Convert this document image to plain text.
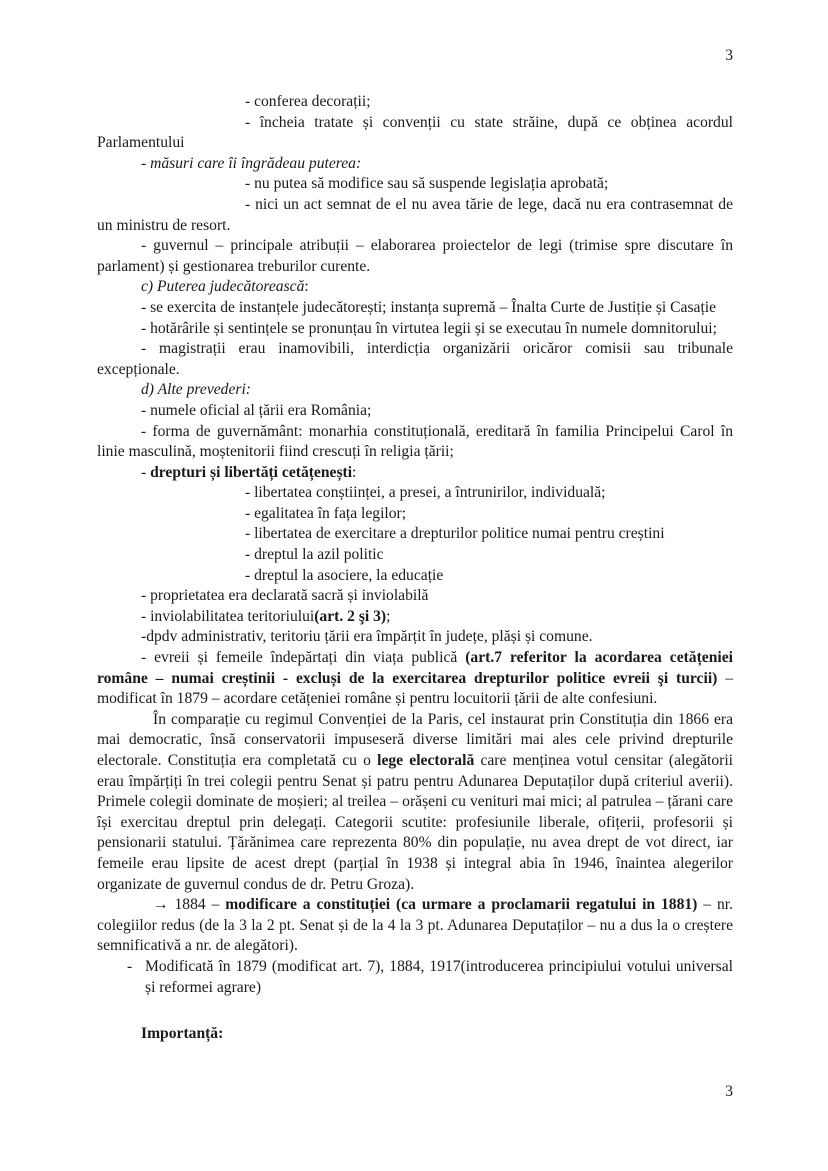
3

- conferea decorații;

- încheia tratate și convenții cu state străine, după ce obținea acordul Parlamentului

- măsuri care îi îngrădeau puterea:

- nu putea să modifice sau să suspende legislația aprobată;

- nici un act semnat de el nu avea tărie de lege, dacă nu era contrasemnat de un ministru de resort.

- guvernul – principale atribuții – elaborarea proiectelor de legi (trimise spre discutare în parlament) și gestionarea treburilor curente.

c) Puterea judecătorească:

- se exercita de instanțele judecătorești; instanța supremă – Înalta Curte de Justiție și Casație

- hotărârile și sentințele se pronunțau în virtutea legii și se executau în numele domnitorului;

- magistrații erau inamovibili, interdicția organizării oricăror comisii sau tribunale excepționale.

d) Alte prevederi:

- numele oficial al țării era România;

- forma de guvernământ: monarhia constituțională, ereditară în familia Principelui Carol în linie masculină, moștenitorii fiind crescuți în religia țării;

- drepturi și libertăți cetățenești:

- libertatea conștiinței, a presei, a întrunirilor, individuală;

- egalitatea în fața legilor;

- libertatea de exercitare a drepturilor politice numai pentru creștini

- dreptul la azil politic

- dreptul la asociere, la educație

- proprietatea era declarată sacră și inviolabilă

- inviolabilitatea teritoriului(art. 2 şi 3);

-dpdv administrativ, teritoriu țării era împărțit în județe, plăși și comune.

- evreii și femeile îndepărtați din viața publică (art.7 referitor la acordarea cetățeniei române – numai creștinii - excluși de la exercitarea drepturilor politice evreii şi turcii) – modificat în 1879 – acordare cetățeniei române și pentru locuitorii țării de alte confesiuni.

În comparație cu regimul Convenției de la Paris, cel instaurat prin Constituția din 1866 era mai democratic, însă conservatorii impuseseră diverse limitări mai ales cele privind drepturile electorale. Constituția era completată cu o lege electorală care menținea votul censitar (alegătorii erau împărțiți în trei colegii pentru Senat și patru pentru Adunarea Deputaților după criteriul averii). Primele colegii dominate de moșieri; al treilea – orășeni cu venituri mai mici; al patrulea – țărani care își exercitau dreptul prin delegați. Categorii scutite: profesiunile liberale, ofițerii, profesorii și pensionarii statului. Țărănimea care reprezenta 80% din populație, nu avea drept de vot direct, iar femeile erau lipsite de acest drept (parțial în 1938 și integral abia în 1946, înaintea alegerilor organizate de guvernul condus de dr. Petru Groza).

→ 1884 – modificare a constituției (ca urmare a proclamarii regatului in 1881) – nr. colegiilor redus (de la 3 la 2 pt. Senat și de la 4 la 3 pt. Adunarea Deputaților – nu a dus la o creștere semnificativă a nr. de alegători).

- Modificată în 1879 (modificat art. 7), 1884, 1917(introducerea principiului votului universal și reformei agrare)

Importanță:

3
